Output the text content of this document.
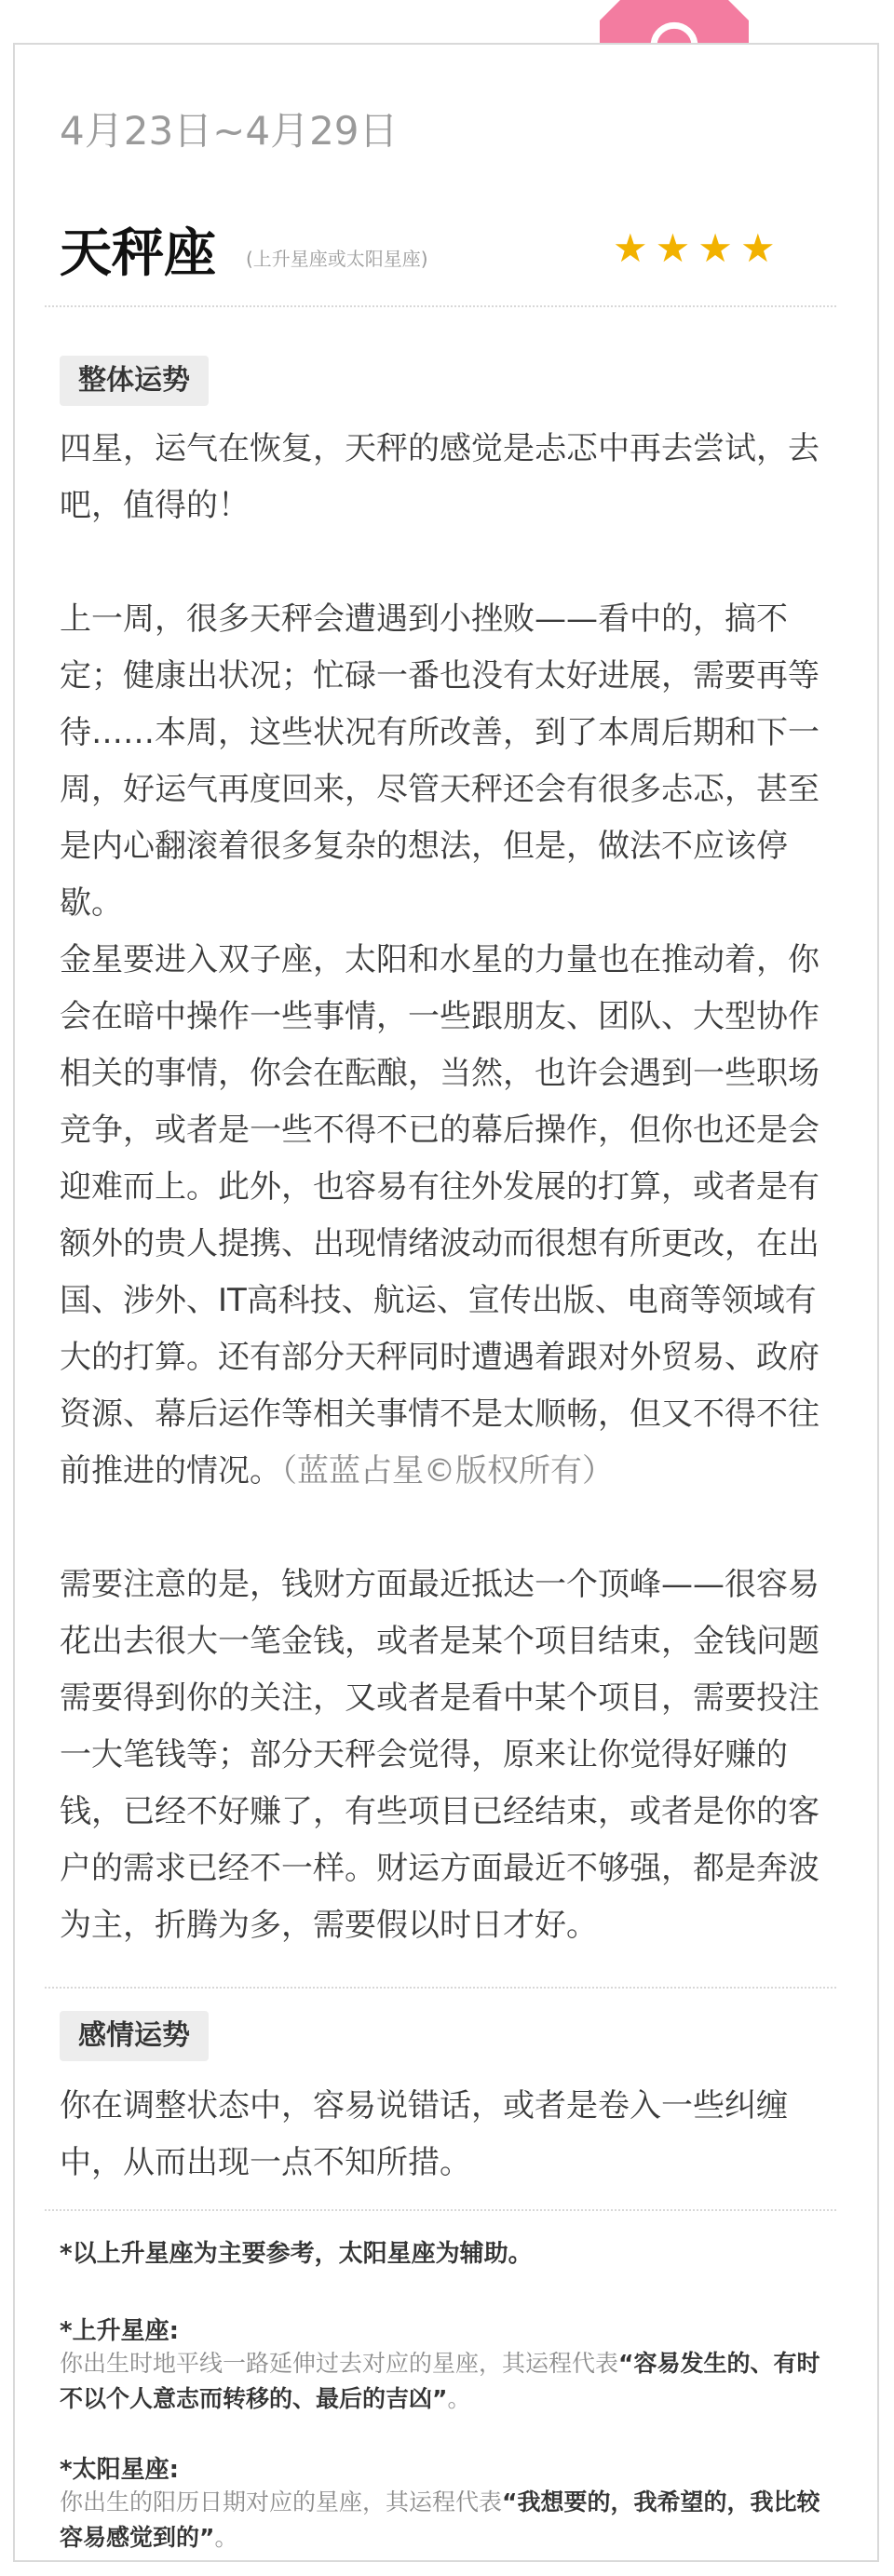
4月23日~4月29日
天秤座 (上升星座或太阳星座)	★★★★
整体运势
四星，运气在恢复，天秤的感觉是忐忑中再去尝试，去吧，值得的！
上一周，很多天秤会遭遇到小挫败——看中的，搞不定；健康出状况；忙碌一番也没有太好进展，需要再等待……本周，这些状况有所改善，到了本周后期和下一周，好运气再度回来，尽管天秤还会有很多忐忑，甚至是内心翻滚着很多复杂的想法，但是，做法不应该停歇。
金星要进入双子座，太阳和水星的力量也在推动着，你会在暗中操作一些事情，一些跟朋友、团队、大型协作相关的事情，你会在酝酿，当然，也许会遇到一些职场竞争，或者是一些不得不已的幕后操作，但你也还是会迎难而上。此外，也容易有往外发展的打算，或者是有额外的贵人提携、出现情绪波动而很想有所更改，在出国、涉外、IT高科技、航运、宣传出版、电商等领域有大的打算。还有部分天秤同时遭遇着跟对外贸易、政府资源、幕后运作等相关事情不是太顺畅，但又不得不往前推进的情况。（蓝蓝占星©版权所有）
需要注意的是，钱财方面最近抵达一个顶峰——很容易花出去很大一笔金钱，或者是某个项目结束，金钱问题需要得到你的关注，又或者是看中某个项目，需要投注一大笔钱等；部分天秤会觉得，原来让你觉得好赚的钱，已经不好赚了，有些项目已经结束，或者是你的客户的需求已经不一样。财运方面最近不够强，都是奔波为主，折腾为多，需要假以时日才好。
感情运势
你在调整状态中，容易说错话，或者是卷入一些纠缠中，从而出现一点不知所措。
*以上升星座为主要参考，太阳星座为辅助。
*上升星座:
你出生时地平线一路延伸过去对应的星座，其运程代表“容易发生的、有时不以个人意志而转移的、最后的吉凶”。
*太阳星座:
你出生的阳历日期对应的星座，其运程代表“我想要的，我希望的，我比较容易感觉到的”。
